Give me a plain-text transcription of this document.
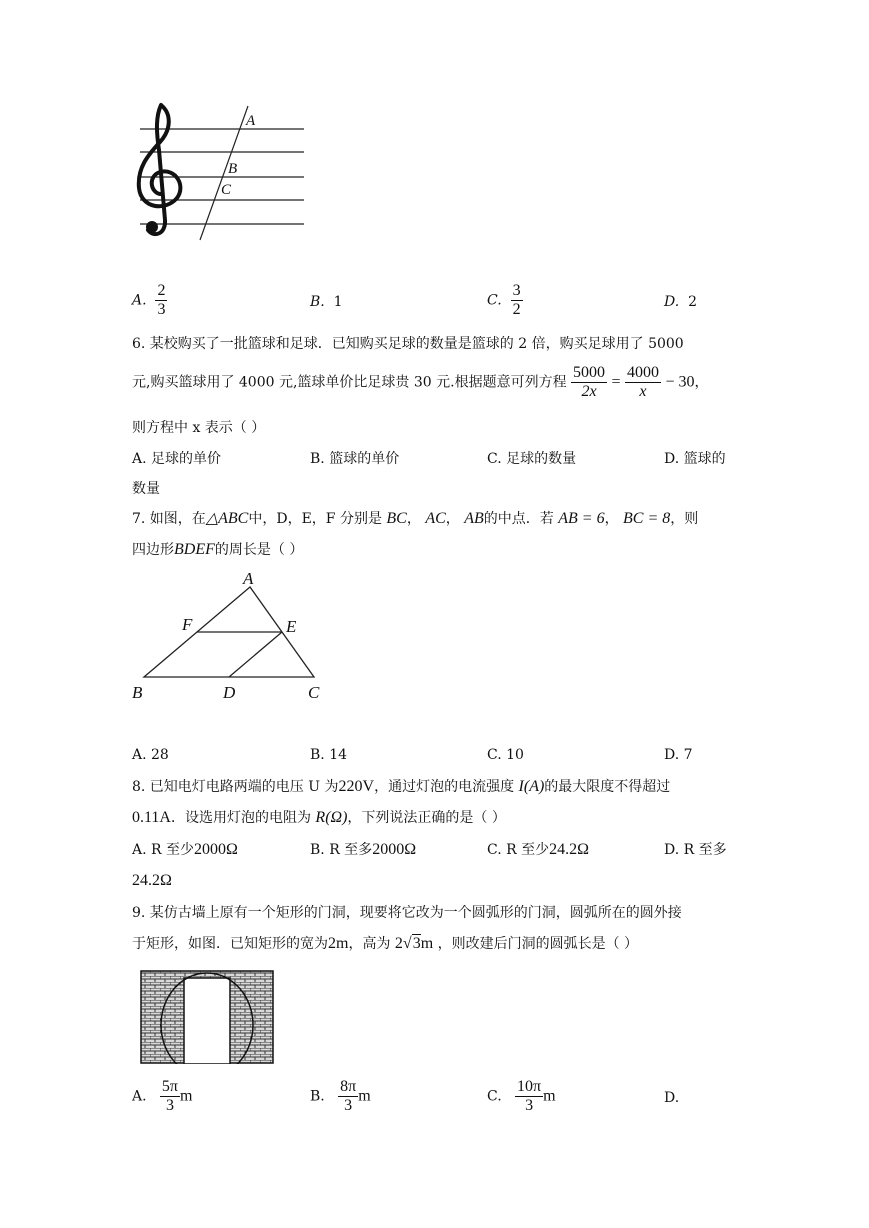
A
B
C
A. $\frac{2}{3}$	B. 1	C. $\frac{3}{2}$	D. 2
6. 某校购买了一批篮球和足球．已知购买足球的数量是篮球的 2 倍，购买足球用了 5000
元,购买篮球用了 4000 元,篮球单价比足球贵 30 元.根据题意可列方程 $\frac{5000}{2x} = \frac{4000}{x} - 30$，
则方程中 x 表示（ ）
A. 足球的单价	B. 篮球的单价	C. 足球的数量	D. 篮球的
数量
7. 如图，在△ABC中，D，E，F 分别是 BC， AC， AB的中点．若 AB = 6， BC = 8，则
四边形BDEF的周长是（ ）
A
F	E
B	D	C
A. 28	B. 14	C. 10	D. 7
8. 已知电灯电路两端的电压 U 为220V，通过灯泡的电流强度 I(A)的最大限度不得超过
0.11A．设选用灯泡的电阻为 R(Ω)，下列说法正确的是（ ）
A. R 至少2000Ω	B. R 至多2000Ω	C. R 至少24.2Ω	D. R 至多
24.2Ω
9. 某仿古墙上原有一个矩形的门洞，现要将它改为一个圆弧形的门洞，圆弧所在的圆外接
于矩形，如图．已知矩形的宽为2m，高为 2√3m ，则改建后门洞的圆弧长是（ ）
A. $\frac{5\pi}{3}$ m	B. $\frac{8\pi}{3}$ m	C. $\frac{10\pi}{3}$ m	D.
